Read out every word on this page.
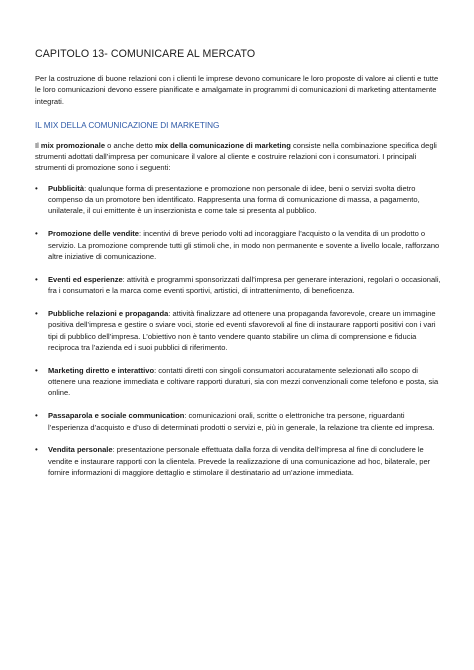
CAPITOLO 13- COMUNICARE AL MERCATO

Per la costruzione di buone relazioni con i clienti le imprese devono comunicare le loro proposte di valore ai clienti e tutte le loro comunicazioni devono essere pianificate e amalgamate in programmi di comunicazioni di marketing attentamente integrati.

IL MIX DELLA COMUNICAZIONE DI MARKETING

Il mix promozionale o anche detto mix della comunicazione di marketing consiste nella combinazione specifica degli strumenti adottati dall’impresa per comunicare il valore al cliente e costruire relazioni con i consumatori. I principali strumenti di promozione sono i seguenti:

• Pubblicità: qualunque forma di presentazione e promozione non personale di idee, beni o servizi svolta dietro compenso da un promotore ben identificato. Rappresenta una forma di comunicazione di massa, a pagamento, unilaterale, il cui emittente è un inserzionista e come tale si presenta al pubblico.
• Promozione delle vendite: incentivi di breve periodo volti ad incoraggiare l’acquisto o la vendita di un prodotto o servizio. La promozione comprende tutti gli stimoli che, in modo non permanente e sovente a livello locale, rafforzano altre iniziative di comunicazione.
• Eventi ed esperienze: attività e programmi sponsorizzati dall’impresa per generare interazioni, regolari o occasionali, fra i consumatori e la marca come eventi sportivi, artistici, di intrattenimento, di beneficenza.
• Pubbliche relazioni e propaganda: attività finalizzare ad ottenere una propaganda favorevole, creare un immagine positiva dell’impresa e gestire o sviare voci, storie ed eventi sfavorevoli al fine di instaurare rapporti positivi con i vari tipi di pubblico dell’impresa. L’obiettivo non è tanto vendere quanto stabilire un clima di comprensione e fiducia reciproca tra l’azienda ed i suoi pubblici di riferimento.
• Marketing diretto e interattivo: contatti diretti con singoli consumatori accuratamente selezionati allo scopo di ottenere una reazione immediata e coltivare rapporti duraturi, sia con mezzi convenzionali come telefono e posta, sia online.
• Passaparola e sociale communication: comunicazioni orali, scritte o elettroniche tra persone, riguardanti l’esperienza d’acquisto e d’uso di determinati prodotti o servizi e, più in generale, la relazione tra cliente ed impresa.
• Vendita personale: presentazione personale effettuata dalla forza di vendita dell’impresa al fine di concludere le vendite e instaurare rapporti con la clientela. Prevede la realizzazione di una comunicazione ad hoc, bilaterale, per fornire informazioni di maggiore dettaglio e stimolare il destinatario ad un’azione immediata.
